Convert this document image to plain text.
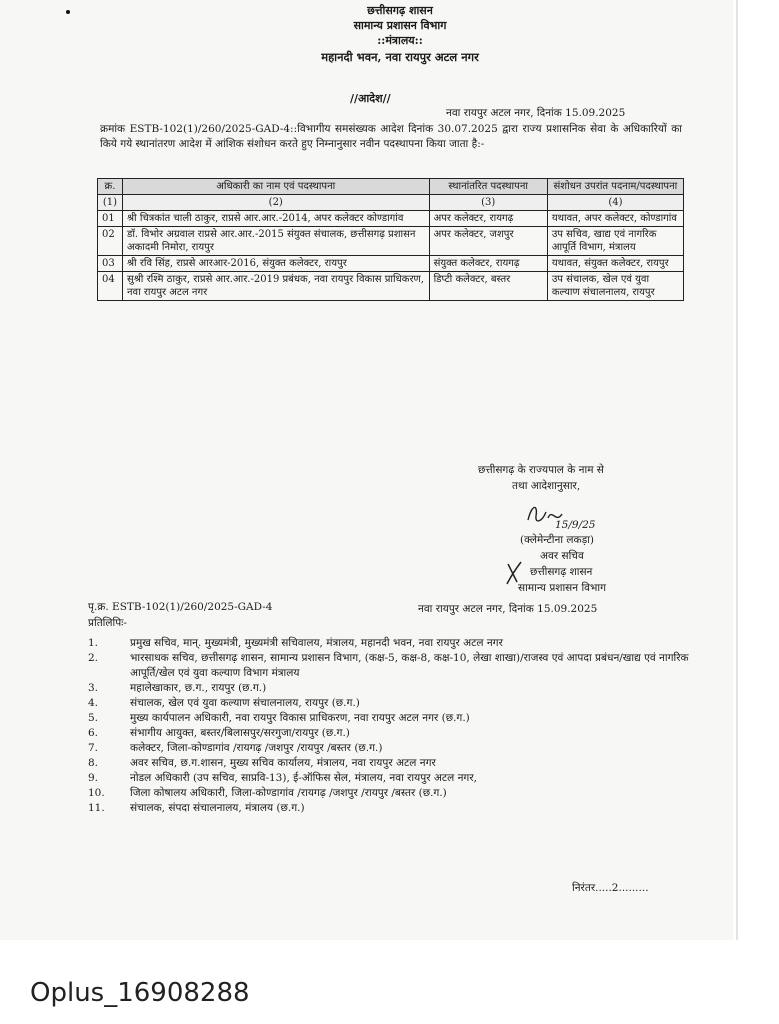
छत्तीसगढ़ शासन
सामान्य प्रशासन विभाग
::मंत्रालय::
महानदी भवन, नवा रायपुर अटल नगर
//आदेश//
नवा रायपुर अटल नगर, दिनांक 15.09.2025
क्रमांक ESTB-102(1)/260/2025-GAD-4::विभागीय समसंख्यक आदेश दिनांक 30.07.2025 द्वारा राज्य प्रशासनिक सेवा के अधिकारियों का किये गये स्थानांतरण आदेश में आंशिक संशोधन करते हुए निम्नानुसार नवीन पदस्थापना किया जाता है:-
क्र.	अधिकारी का नाम एवं पदस्थापना	स्थानांतरित पदस्थापना	संशोधन उपरांत पदनाम/पदस्थापना
(1)	(2)	(3)	(4)
01	श्री चित्रकांत चाली ठाकुर, राप्रसे आर.आर.-2014, अपर कलेक्टर कोण्डागांव	अपर कलेक्टर, रायगढ़	यथावत, अपर कलेक्टर, कोण्डागांव
02	डॉ. विभोर अग्रवाल राप्रसे आर.आर.-2015 संयुक्त संचालक, छत्तीसगढ़ प्रशासन अकादमी निमोरा, रायपुर	अपर कलेक्टर, जशपुर	उप सचिव, खाद्य एवं नागरिक आपूर्ति विभाग, मंत्रालय
03	श्री रवि सिंह, राप्रसे आरआर-2016, संयुक्त कलेक्टर, रायपुर	संयुक्त कलेक्टर, रायगढ़	यथावत, संयुक्त कलेक्टर, रायपुर
04	सुश्री रश्मि ठाकुर, राप्रसे आर.आर.-2019 प्रबंधक, नवा रायपुर विकास प्राधिकरण, नवा रायपुर अटल नगर	डिप्टी कलेक्टर, बस्तर	उप संचालक, खेल एवं युवा कल्याण संचालनालय, रायपुर
छत्तीसगढ़ के राज्यपाल के नाम से
तथा आदेशानुसार,
15/9/25
(क्लेमेन्टीना लकड़ा)
अवर सचिव
छत्तीसगढ़ शासन
सामान्य प्रशासन विभाग
पृ.क्र. ESTB-102(1)/260/2025-GAD-4	नवा रायपुर अटल नगर, दिनांक 15.09.2025
प्रतिलिपिः-
1.	प्रमुख सचिव, मान्. मुख्यमंत्री, मुख्यमंत्री सचिवालय, मंत्रालय, महानदी भवन, नवा रायपुर अटल नगर
2.	भारसाधक सचिव, छत्तीसगढ़ शासन, सामान्य प्रशासन विभाग, (कक्ष-5, कक्ष-8, कक्ष-10, लेखा शाखा)/राजस्व एवं आपदा प्रबंधन/खाद्य एवं नागरिक आपूर्ति/खेल एवं युवा कल्याण विभाग मंत्रालय
3.	महालेखाकार, छ.ग., रायपुर (छ.ग.)
4.	संचालक, खेल एवं युवा कल्याण संचालनालय, रायपुर (छ.ग.)
5.	मुख्य कार्यपालन अधिकारी, नवा रायपुर विकास प्राधिकरण, नवा रायपुर अटल नगर (छ.ग.)
6.	संभागीय आयुक्त, बस्तर/बिलासपुर/सरगुजा/रायपुर (छ.ग.)
7.	कलेक्टर, जिला-कोण्डागांव /रायगढ़ /जशपुर /रायपुर /बस्तर (छ.ग.)
8.	अवर सचिव, छ.ग.शासन, मुख्य सचिव कार्यालय, मंत्रालय, नवा रायपुर अटल नगर
9.	नोडल अधिकारी (उप सचिव, साप्रवि-13), ई-ऑफिस सेल, मंत्रालय, नवा रायपुर अटल नगर,
10.	जिला कोषालय अधिकारी, जिला-कोण्डागांव /रायगढ़ /जशपुर /रायपुर /बस्तर (छ.ग.)
11.	संचालक, संपदा संचालनालय, मंत्रालय (छ.ग.)
निरंतर.....2.........
Oplus_16908288
